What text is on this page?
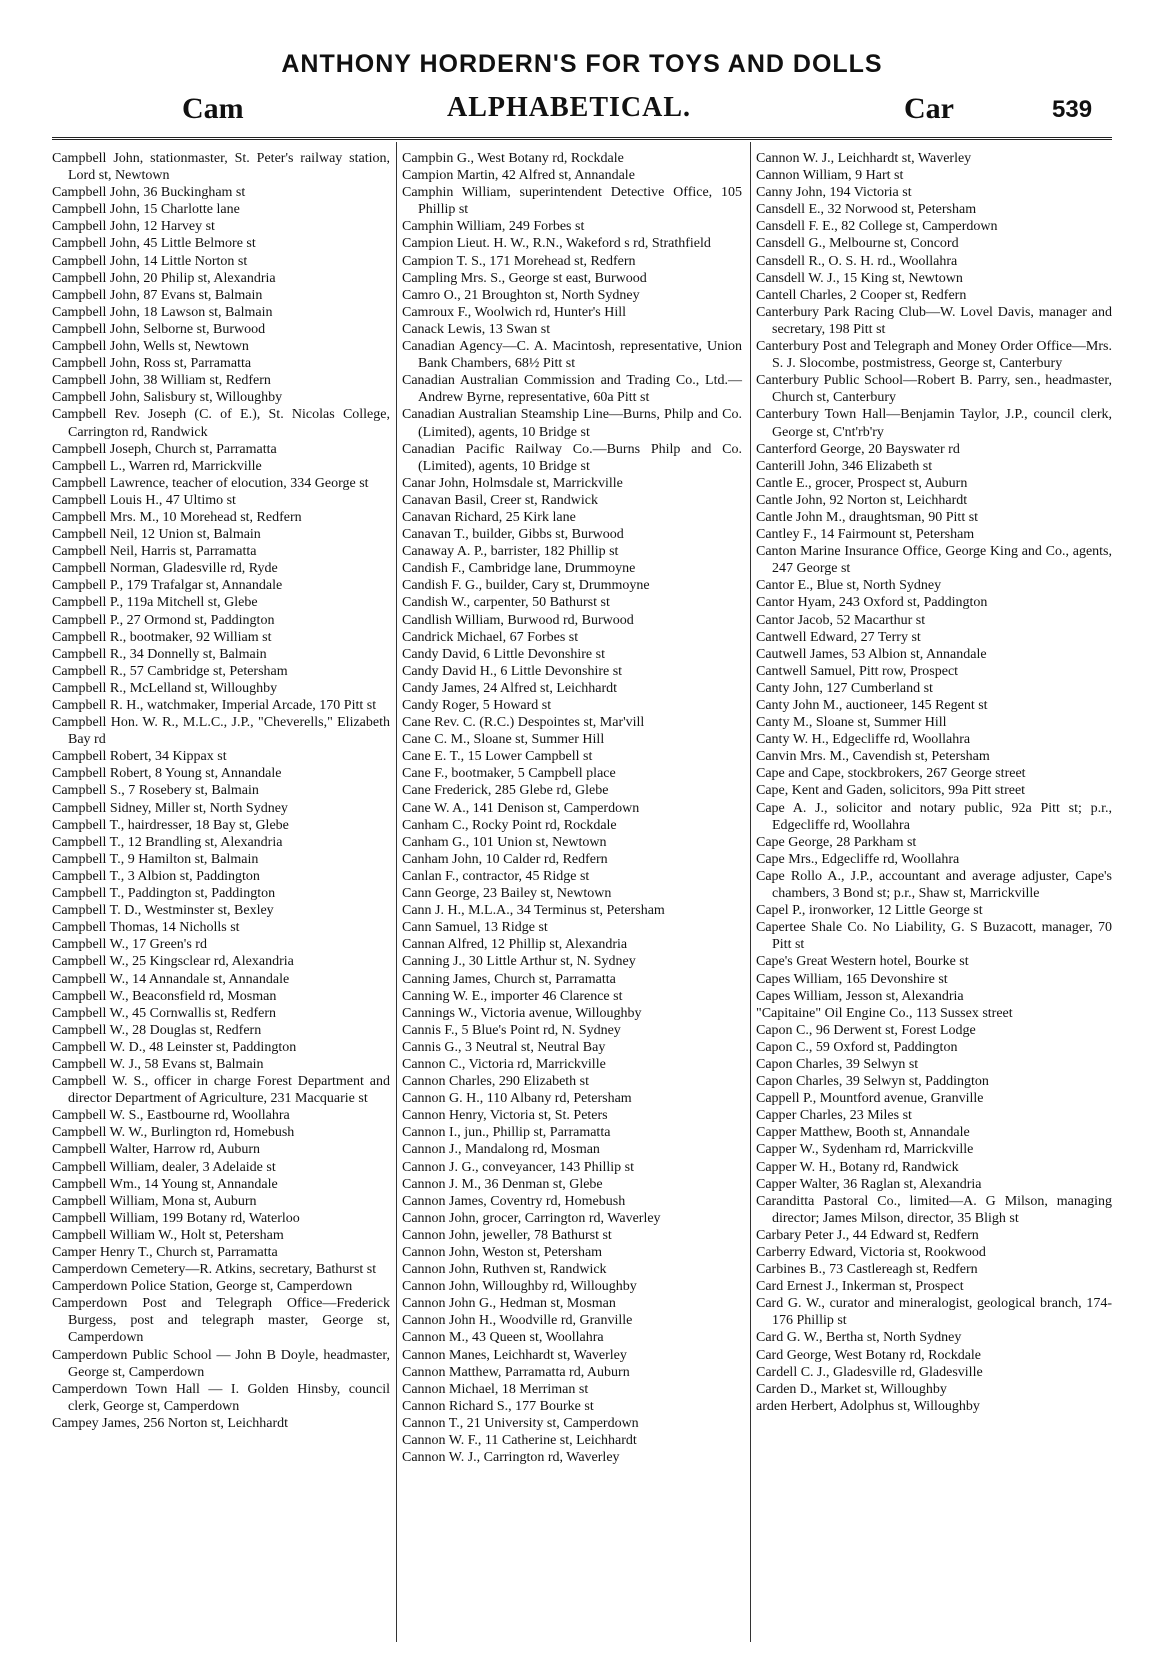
ANTHONY HORDERN'S FOR TOYS AND DOLLS
Cam	ALPHABETICAL.	Car	539
Campbell John, stationmaster, St. Peter's railway station, Lord st, Newtown
Campbell John, 36 Buckingham st
Campbell John, 15 Charlotte lane
Campbell John, 12 Harvey st
Campbell John, 45 Little Belmore st
Campbell John, 14 Little Norton st
Campbell John, 20 Philip st, Alexandria
Campbell John, 87 Evans st, Balmain
Campbell John, 18 Lawson st, Balmain
Campbell John, Selborne st, Burwood
Campbell John, Wells st, Newtown
Campbell John, Ross st, Parramatta
Campbell John, 38 William st, Redfern
Campbell John, Salisbury st, Willoughby
Campbell Rev. Joseph (C. of E.), St. Nicolas College, Carrington rd, Randwick
Campbell Joseph, Church st, Parramatta
Campbell L., Warren rd, Marrickville
Campbell Lawrence, teacher of elocution, 334 George st
Campbell Louis H., 47 Ultimo st
Campbell Mrs. M., 10 Morehead st, Redfern
Campbell Neil, 12 Union st, Balmain
Campbell Neil, Harris st, Parramatta
Campbell Norman, Gladesville rd, Ryde
Campbell P., 179 Trafalgar st, Annandale
Campbell P., 119a Mitchell st, Glebe
Campbell P., 27 Ormond st, Paddington
Campbell R., bootmaker, 92 William st
Campbell R., 34 Donnelly st, Balmain
Campbell R., 57 Cambridge st, Petersham
Campbell R., McLelland st, Willoughby
Campbell R. H., watchmaker, Imperial Arcade, 170 Pitt st
Campbell Hon. W. R., M.L.C., J.P., "Cheverells," Elizabeth Bay rd
Campbell Robert, 34 Kippax st
Campbell Robert, 8 Young st, Annandale
Campbell S., 7 Rosebery st, Balmain
Campbell Sidney, Miller st, North Sydney
Campbell T., hairdresser, 18 Bay st, Glebe
Campbell T., 12 Brandling st, Alexandria
Campbell T., 9 Hamilton st, Balmain
Campbell T., 3 Albion st, Paddington
Campbell T., Paddington st, Paddington
Campbell T. D., Westminster st, Bexley
Campbell Thomas, 14 Nicholls st
Campbell W., 17 Green's rd
Campbell W., 25 Kingsclear rd, Alexandria
Campbell W., 14 Annandale st, Annandale
Campbell W., Beaconsfield rd, Mosman
Campbell W., 45 Cornwallis st, Redfern
Campbell W., 28 Douglas st, Redfern
Campbell W. D., 48 Leinster st, Paddington
Campbell W. J., 58 Evans st, Balmain
Campbell W. S., officer in charge Forest Department and director Department of Agriculture, 231 Macquarie st
Campbell W. S., Eastbourne rd, Woollahra
Campbell W. W., Burlington rd, Homebush
Campbell Walter, Harrow rd, Auburn
Campbell William, dealer, 3 Adelaide st
Campbell Wm., 14 Young st, Annandale
Campbell William, Mona st, Auburn
Campbell William, 199 Botany rd, Waterloo
Campbell William W., Holt st, Petersham
Camper Henry T., Church st, Parramatta
Camperdown Cemetery—R. Atkins, secretary, Bathurst st
Camperdown Police Station, George st, Camperdown
Camperdown Post and Telegraph Office—Frederick Burgess, post and telegraph master, George st, Camperdown
Camperdown Public School — John B Doyle, headmaster, George st, Camperdown
Camperdown Town Hall — I. Golden Hinsby, council clerk, George st, Camperdown
Campey James, 256 Norton st, Leichhardt
Campbin G., West Botany rd, Rockdale
Campion Martin, 42 Alfred st, Annandale
Camphin William, superintendent Detective Office, 105 Phillip st
Camphin William, 249 Forbes st
Campion Lieut. H. W., R.N., Wakeford s rd, Strathfield
Campion T. S., 171 Morehead st, Redfern
Campling Mrs. S., George st east, Burwood
Camro O., 21 Broughton st, North Sydney
Camroux F., Woolwich rd, Hunter's Hill
Canack Lewis, 13 Swan st
Canadian Agency—C. A. Macintosh, representative, Union Bank Chambers, 68½ Pitt st
Canadian Australian Commission and Trading Co., Ltd.—Andrew Byrne, representative, 60a Pitt st
Canadian Australian Steamship Line—Burns, Philp and Co. (Limited), agents, 10 Bridge st
Canadian Pacific Railway Co.—Burns Philp and Co. (Limited), agents, 10 Bridge st
Canar John, Holmsdale st, Marrickville
Canavan Basil, Creer st, Randwick
Canavan Richard, 25 Kirk lane
Canavan T., builder, Gibbs st, Burwood
Canaway A. P., barrister, 182 Phillip st
Candish F., Cambridge lane, Drummoyne
Candish F. G., builder, Cary st, Drummoyne
Candish W., carpenter, 50 Bathurst st
Candlish William, Burwood rd, Burwood
Candrick Michael, 67 Forbes st
Candy David, 6 Little Devonshire st
Candy David H., 6 Little Devonshire st
Candy James, 24 Alfred st, Leichhardt
Candy Roger, 5 Howard st
Cane Rev. C. (R.C.) Despointes st, Mar'vill
Cane C. M., Sloane st, Summer Hill
Cane E. T., 15 Lower Campbell st
Cane F., bootmaker, 5 Campbell place
Cane Frederick, 285 Glebe rd, Glebe
Cane W. A., 141 Denison st, Camperdown
Canham C., Rocky Point rd, Rockdale
Canham G., 101 Union st, Newtown
Canham John, 10 Calder rd, Redfern
Canlan F., contractor, 45 Ridge st
Cann George, 23 Bailey st, Newtown
Cann J. H., M.L.A., 34 Terminus st, Petersham
Cann Samuel, 13 Ridge st
Cannan Alfred, 12 Phillip st, Alexandria
Canning J., 30 Little Arthur st, N. Sydney
Canning James, Church st, Parramatta
Canning W. E., importer 46 Clarence st
Cannings W., Victoria avenue, Willoughby
Cannis F., 5 Blue's Point rd, N. Sydney
Cannis G., 3 Neutral st, Neutral Bay
Cannon C., Victoria rd, Marrickville
Cannon Charles, 290 Elizabeth st
Cannon G. H., 110 Albany rd, Petersham
Cannon Henry, Victoria st, St. Peters
Cannon I., jun., Phillip st, Parramatta
Cannon J., Mandalong rd, Mosman
Cannon J. G., conveyancer, 143 Phillip st
Cannon J. M., 36 Denman st, Glebe
Cannon James, Coventry rd, Homebush
Cannon John, grocer, Carrington rd, Waverley
Cannon John, jeweller, 78 Bathurst st
Cannon John, Weston st, Petersham
Cannon John, Ruthven st, Randwick
Cannon John, Willoughby rd, Willoughby
Cannon John G., Hedman st, Mosman
Cannon John H., Woodville rd, Granville
Cannon M., 43 Queen st, Woollahra
Cannon Manes, Leichhardt st, Waverley
Cannon Matthew, Parramatta rd, Auburn
Cannon Michael, 18 Merriman st
Cannon Richard S., 177 Bourke st
Cannon T., 21 University st, Camperdown
Cannon W. F., 11 Catherine st, Leichhardt
Cannon W. J., Carrington rd, Waverley
Cannon W. J., Leichhardt st, Waverley
Cannon William, 9 Hart st
Canny John, 194 Victoria st
Cansdell E., 32 Norwood st, Petersham
Cansdell F. E., 82 College st, Camperdown
Cansdell G., Melbourne st, Concord
Cansdell R., O. S. H. rd., Woollahra
Cansdell W. J., 15 King st, Newtown
Cantell Charles, 2 Cooper st, Redfern
Canterbury Park Racing Club—W. Lovel Davis, manager and secretary, 198 Pitt st
Canterbury Post and Telegraph and Money Order Office—Mrs. S. J. Slocombe, postmistress, George st, Canterbury
Canterbury Public School—Robert B. Parry, sen., headmaster, Church st, Canterbury
Canterbury Town Hall—Benjamin Taylor, J.P., council clerk, George st, C'nt'rb'ry
Canterford George, 20 Bayswater rd
Canterill John, 346 Elizabeth st
Cantle E., grocer, Prospect st, Auburn
Cantle John, 92 Norton st, Leichhardt
Cantle John M., draughtsman, 90 Pitt st
Cantley F., 14 Fairmount st, Petersham
Canton Marine Insurance Office, George King and Co., agents, 247 George st
Cantor E., Blue st, North Sydney
Cantor Hyam, 243 Oxford st, Paddington
Cantor Jacob, 52 Macarthur st
Cantwell Edward, 27 Terry st
Cautwell James, 53 Albion st, Annandale
Cantwell Samuel, Pitt row, Prospect
Canty John, 127 Cumberland st
Canty John M., auctioneer, 145 Regent st
Canty M., Sloane st, Summer Hill
Canty W. H., Edgecliffe rd, Woollahra
Canvin Mrs. M., Cavendish st, Petersham
Cape and Cape, stockbrokers, 267 George street
Cape, Kent and Gaden, solicitors, 99a Pitt street
Cape A. J., solicitor and notary public, 92a Pitt st; p.r., Edgecliffe rd, Woollahra
Cape George, 28 Parkham st
Cape Mrs., Edgecliffe rd, Woollahra
Cape Rollo A., J.P., accountant and average adjuster, Cape's chambers, 3 Bond st; p.r., Shaw st, Marrickville
Capel P., ironworker, 12 Little George st
Capertee Shale Co. No Liability, G. S Buzacott, manager, 70 Pitt st
Cape's Great Western hotel, Bourke st
Capes William, 165 Devonshire st
Capes William, Jesson st, Alexandria
"Capitaine" Oil Engine Co., 113 Sussex street
Capon C., 96 Derwent st, Forest Lodge
Capon C., 59 Oxford st, Paddington
Capon Charles, 39 Selwyn st
Capon Charles, 39 Selwyn st, Paddington
Cappell P., Mountford avenue, Granville
Capper Charles, 23 Miles st
Capper Matthew, Booth st, Annandale
Capper W., Sydenham rd, Marrickville
Capper W. H., Botany rd, Randwick
Capper Walter, 36 Raglan st, Alexandria
Caranditta Pastoral Co., limited—A. G Milson, managing director; James Milson, director, 35 Bligh st
Carbary Peter J., 44 Edward st, Redfern
Carberry Edward, Victoria st, Rookwood
Carbines B., 73 Castlereagh st, Redfern
Card Ernest J., Inkerman st, Prospect
Card G. W., curator and mineralogist, geological branch, 174-176 Phillip st
Card G. W., Bertha st, North Sydney
Card George, West Botany rd, Rockdale
Cardell C. J., Gladesville rd, Gladesville
Carden D., Market st, Willoughby
arden Herbert, Adolphus st, Willoughby
